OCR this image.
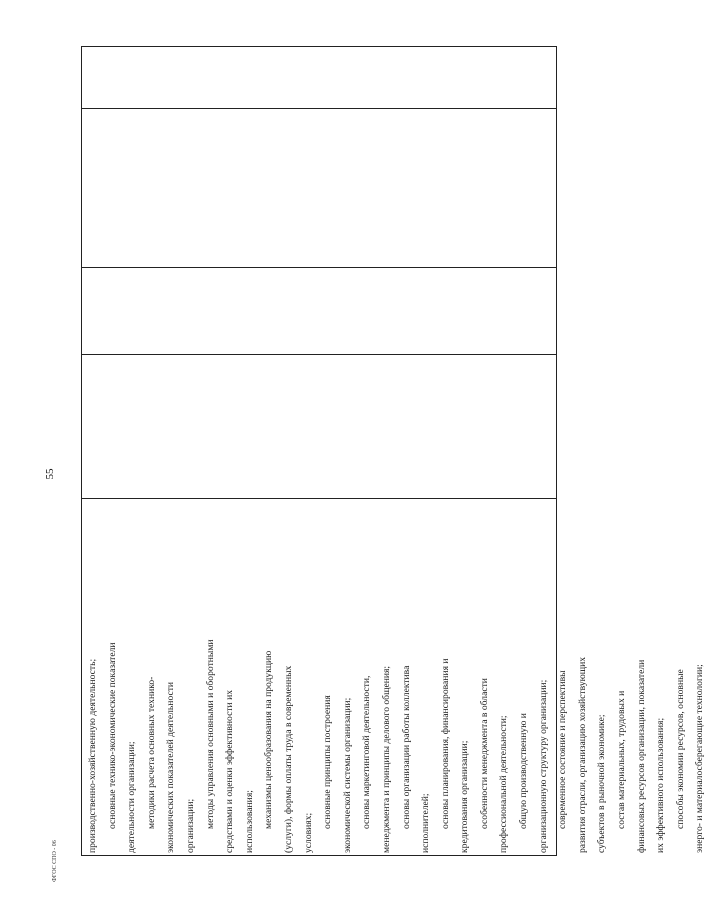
55
производственно-хозяйственную деятельность; основные технико-экономические показатели деятельности организации; методики расчета основных технико- экономических показателей деятельности организации; методы управления основными и оборотными средствами и оценки эффективности их использования; механизмы ценообразования на продукцию (услуги), формы оплаты труда в современных условиях;
основные принципы построения экономической системы организации; основы маркетинговой деятельности, менеджмента и принципы делового общения; основы организации работы коллектива исполнителей; основы планирования, финансирования и кредитования организации; особенности менеджмента в области профессиональной деятельности; общую производственную и организационную структуру организации; современное состояние и перспективы развития отрасли, организацию хозяйствующих субъектов в рыночной экономике; состав материальных, трудовых и финансовых ресурсов организации, показатели их эффективного использования; способы экономии ресурсов, основные энерго- и материалосберегающие технологии;
ФГОС СПО - 06
